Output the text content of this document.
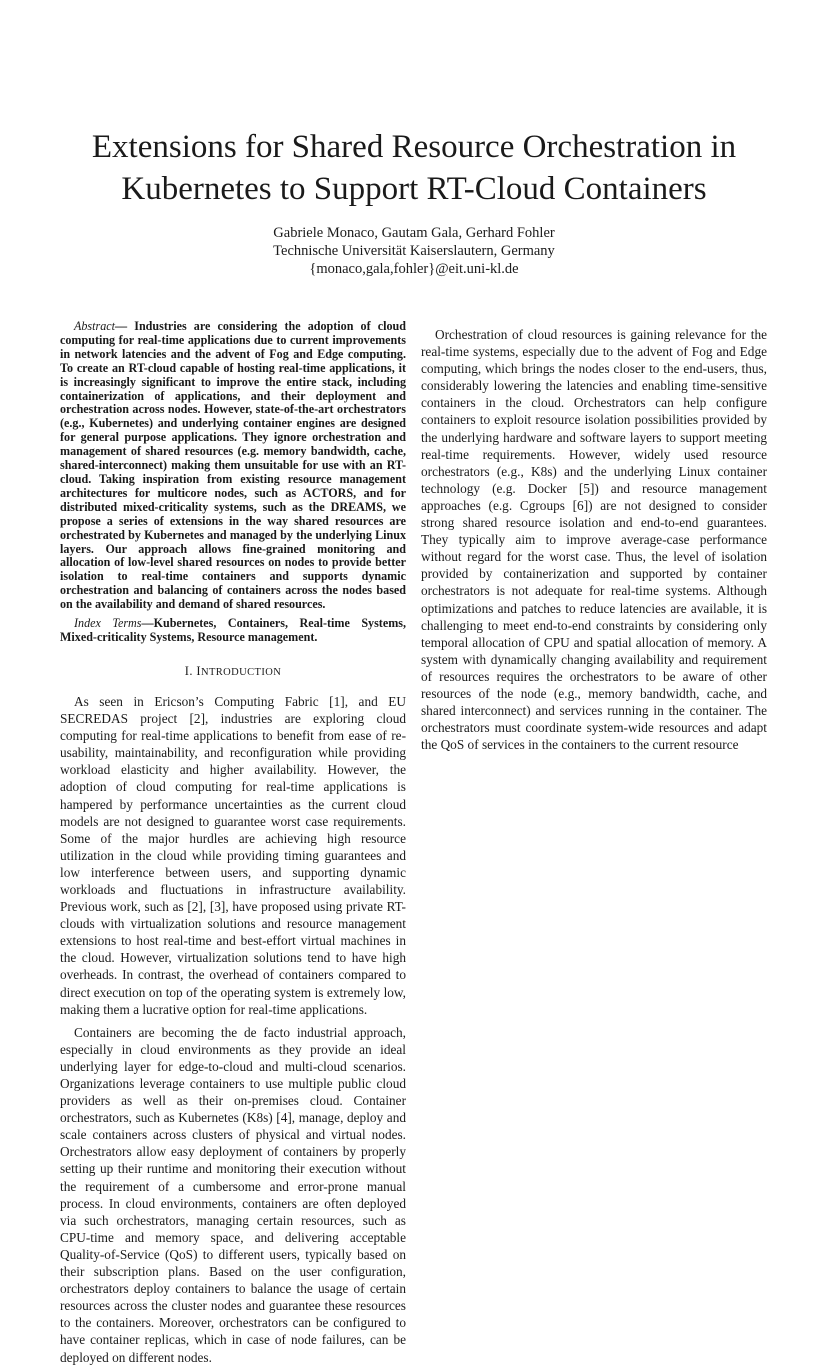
Extensions for Shared Resource Orchestration in Kubernetes to Support RT-Cloud Containers
Gabriele Monaco, Gautam Gala, Gerhard Fohler
Technische Universität Kaiserslautern, Germany
{monaco,gala,fohler}@eit.uni-kl.de

Abstract— Industries are considering the adoption of cloud computing for real-time applications due to current improvements in network latencies and the advent of Fog and Edge computing. To create an RT-cloud capable of hosting real-time applications, it is increasingly significant to improve the entire stack, including containerization of applications, and their deployment and orchestration across nodes. However, state-of-the-art orchestrators (e.g., Kubernetes) and underlying container engines are designed for general purpose applications. They ignore orchestration and management of shared resources (e.g. memory bandwidth, cache, shared-interconnect) making them unsuitable for use with an RT-cloud. Taking inspiration from existing resource management architectures for multicore nodes, such as ACTORS, and for distributed mixed-criticality systems, such as the DREAMS, we propose a series of extensions in the way shared resources are orchestrated by Kubernetes and managed by the underlying Linux layers. Our approach allows fine-grained monitoring and allocation of low-level shared resources on nodes to provide better isolation to real-time containers and supports dynamic orchestration and balancing of containers across the nodes based on the availability and demand of shared resources.

Index Terms—Kubernetes, Containers, Real-time Systems, Mixed-criticality Systems, Resource management.

I. INTRODUCTION

As seen in Ericson’s Computing Fabric [1], and EU SECREDAS project [2], industries are exploring cloud computing for real-time applications to benefit from ease of re-usability, maintainability, and reconfiguration while providing workload elasticity and higher availability. However, the adoption of cloud computing for real-time applications is hampered by performance uncertainties as the current cloud models are not designed to guarantee worst case requirements. Some of the major hurdles are achieving high resource utilization in the cloud while providing timing guarantees and low interference between users, and supporting dynamic workloads and fluctuations in infrastructure availability. Previous work, such as [2], [3], have proposed using private RT-clouds with virtualization solutions and resource management extensions to host real-time and best-effort virtual machines in the cloud. However, virtualization solutions tend to have high overheads. In contrast, the overhead of containers compared to direct execution on top of the operating system is extremely low, making them a lucrative option for real-time applications.

Containers are becoming the de facto industrial approach, especially in cloud environments as they provide an ideal underlying layer for edge-to-cloud and multi-cloud scenarios. Organizations leverage containers to use multiple public cloud providers as well as their on-premises cloud. Container orchestrators, such as Kubernetes (K8s) [4], manage, deploy and scale containers across clusters of physical and virtual nodes. Orchestrators allow easy deployment of containers by properly setting up their runtime and monitoring their execution without the requirement of a cumbersome and error-prone manual process. In cloud environments, containers are often deployed via such orchestrators, managing certain resources, such as CPU-time and memory space, and delivering acceptable Quality-of-Service (QoS) to different users, typically based on their subscription plans. Based on the user configuration, orchestrators deploy containers to balance the usage of certain resources across the cluster nodes and guarantee these resources to the containers. Moreover, orchestrators can be configured to have container replicas, which in case of node failures, can be deployed on different nodes.

Orchestration of cloud resources is gaining relevance for the real-time systems, especially due to the advent of Fog and Edge computing, which brings the nodes closer to the end-users, thus, considerably lowering the latencies and enabling time-sensitive containers in the cloud. Orchestrators can help configure containers to exploit resource isolation possibilities provided by the underlying hardware and software layers to support meeting real-time requirements. However, widely used resource orchestrators (e.g., K8s) and the underlying Linux container technology (e.g. Docker [5]) and resource management approaches (e.g. Cgroups [6]) are not designed to consider strong shared resource isolation and end-to-end guarantees. They typically aim to improve average-case performance without regard for the worst case. Thus, the level of isolation provided by containerization and supported by container orchestrators is not adequate for real-time systems. Although optimizations and patches to reduce latencies are available, it is challenging to meet end-to-end constraints by considering only temporal allocation of CPU and spatial allocation of memory. A system with dynamically changing availability and requirement of resources requires the orchestrators to be aware of other resources of the node (e.g., memory bandwidth, cache, and shared interconnect) and services running in the container. The orchestrators must coordinate system-wide resources and adapt the QoS of services in the containers to the current resource
